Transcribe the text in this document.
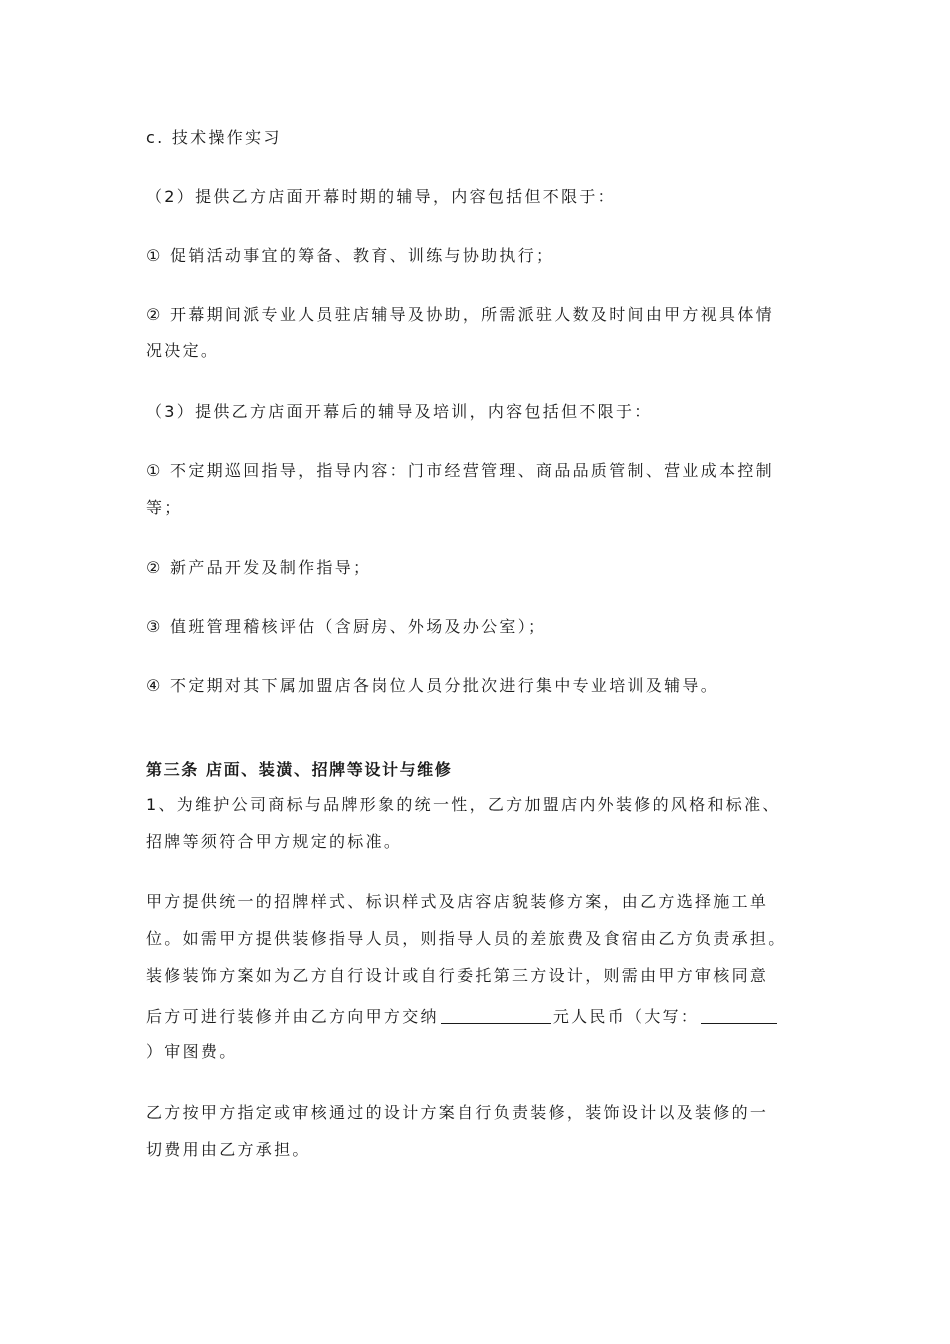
c. 技术操作实习
（2）提供乙方店面开幕时期的辅导，内容包括但不限于：
① 促销活动事宜的筹备、教育、训练与协助执行；
② 开幕期间派专业人员驻店辅导及协助，所需派驻人数及时间由甲方视具体情
况决定。
（3）提供乙方店面开幕后的辅导及培训，内容包括但不限于：
① 不定期巡回指导，指导内容：门市经营管理、商品品质管制、营业成本控制
等；
② 新产品开发及制作指导；
③ 值班管理稽核评估（含厨房、外场及办公室）；
④ 不定期对其下属加盟店各岗位人员分批次进行集中专业培训及辅导。
第三条 店面、装潢、招牌等设计与维修
1、为维护公司商标与品牌形象的统一性，乙方加盟店内外装修的风格和标准、
招牌等须符合甲方规定的标准。
甲方提供统一的招牌样式、标识样式及店容店貌装修方案，由乙方选择施工单
位。如需甲方提供装修指导人员，则指导人员的差旅费及食宿由乙方负责承担。
装修装饰方案如为乙方自行设计或自行委托第三方设计，则需由甲方审核同意
后方可进行装修并由乙方向甲方交纳	元人民币（大写：
）审图费。
乙方按甲方指定或审核通过的设计方案自行负责装修，装饰设计以及装修的一
切费用由乙方承担。
